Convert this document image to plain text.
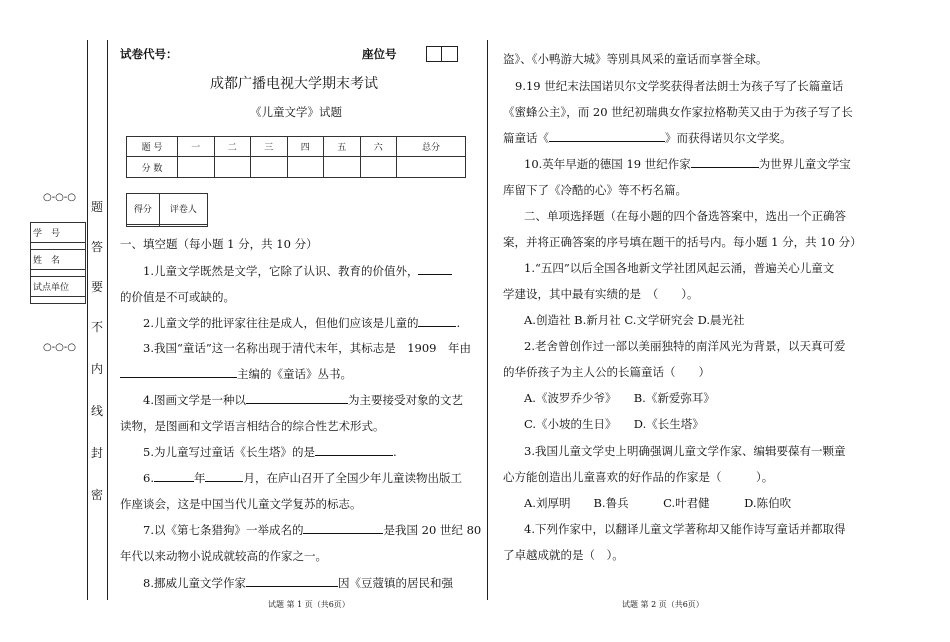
○-○-○
学　号

姓　名

试点单位

○-○-○
题
答
要
不
内
线
封
密
试卷代号：	座位号
成都广播电视大学期末考试
《儿童文学》试题
题 号	一	二	三	四	五	六	总分
分 数							
得分	评卷人

一、填空题（每小题 1 分，共 10 分）
1.儿童文学既然是文学，它除了认识、教育的价值外，
的价值是不可或缺的。
2.儿童文学的批评家往往是成人，但他们应该是儿童的	.
3.我国“童话”这一名称出现于清代末年，其标志是　1909　年由
主编的《童话》丛书。
4.图画文学是一种以	为主要接受对象的文艺
读物，是图画和文学语言相结合的综合性艺术形式。
5.为儿童写过童话《长生塔》的是	.
6.	年	月，在庐山召开了全国少年儿童读物出版工
作座谈会，这是中国当代儿童文学复苏的标志。
7.以《第七条猎狗》一举成名的	是我国 20 世纪 80
年代以来动物小说成就较高的作家之一。
8.挪威儿童文学作家	因《豆蔻镇的居民和强
试题 第 1 页（共6页）
盗》、《小鸭游大城》等別具风采的童话而享誉全球。
9.19 世纪末法国诺贝尔文学奖获得者法朗士为孩子写了长篇童话
《蜜蜂公主》，而 20 世纪初瑞典女作家拉格勒芙又由于为孩子写了长
篇童话《	》而获得诺贝尔文学奖。
10.英年早逝的德国 19 世纪作家	为世界儿童文学宝
库留下了《冷酷的心》等不朽名篇。
二、单项选择题（在每小题的四个备选答案中，选出一个正确答
案，并将正确答案的序号填在题干的括号内。每小题 1 分，共 10 分）
1.“五四”以后全国各地新文学社团风起云涌，普遍关心儿童文
学建设，其中最有实绩的是　（　　）。
A.创造社 B.新月社 C.文学研究会 D.晨光社
2.老舍曾创作过一部以美丽独特的南洋风光为背景，以天真可爱
的华侨孩子为主人公的长篇童话（　　）
A.《波罗乔少爷》　　B.《新爱弥耳》
C.《小坡的生日》　　D.《长生塔》
3.我国儿童文学史上明确强调儿童文学作家、编辑要葆有一颗童
心方能创造出儿童喜欢的好作品的作家是（　　　）。
A.刘厚明　　B.鲁兵　　　C.叶君健　　　D.陈伯吹
4.下列作家中，以翻译儿童文学著称却又能作诗写童话并都取得
了卓越成就的是（　）。
试题 第 2 页（共6页）
